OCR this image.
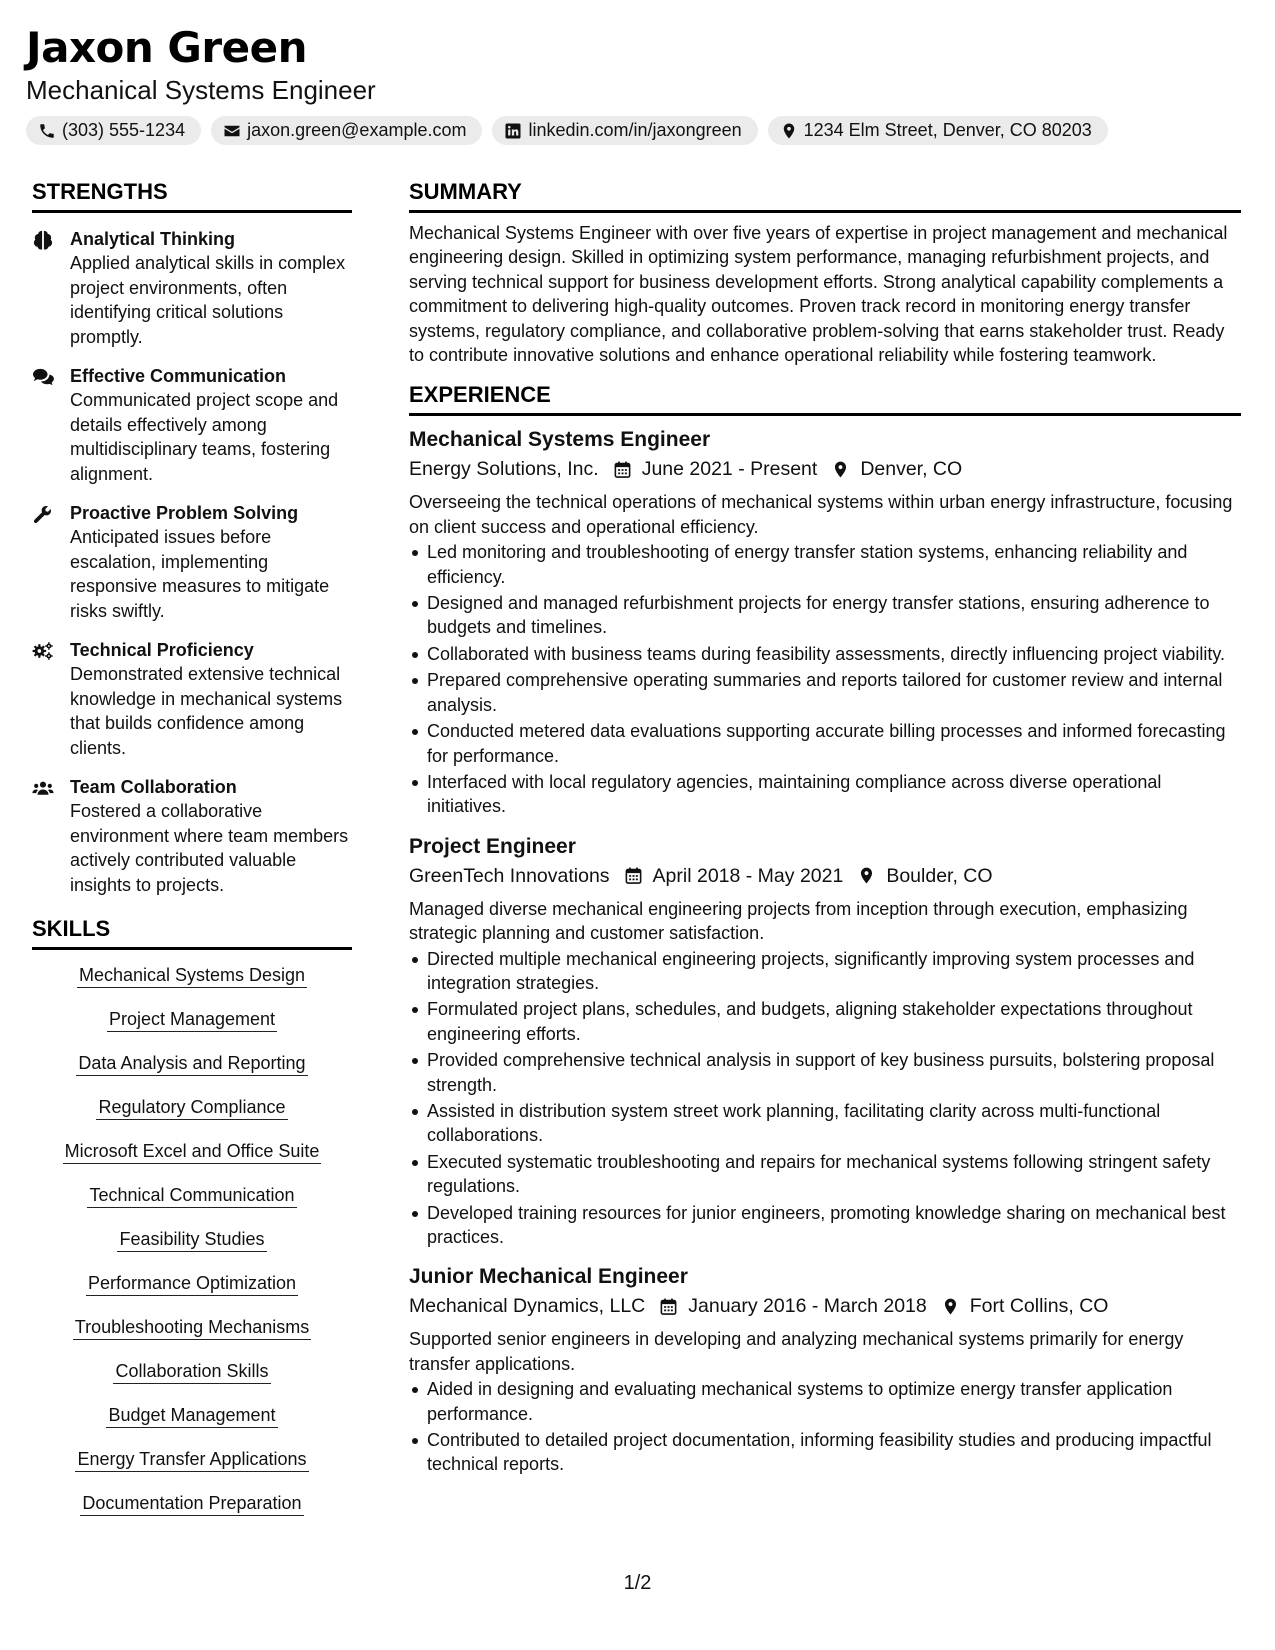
Jaxon Green
Mechanical Systems Engineer
(303) 555-1234	jaxon.green@example.com	linkedin.com/in/jaxongreen	1234 Elm Street, Denver, CO 80203
STRENGTHS
Analytical Thinking
Applied analytical skills in complex project environments, often identifying critical solutions promptly.
Effective Communication
Communicated project scope and details effectively among multidisciplinary teams, fostering alignment.
Proactive Problem Solving
Anticipated issues before escalation, implementing responsive measures to mitigate risks swiftly.
Technical Proficiency
Demonstrated extensive technical knowledge in mechanical systems that builds confidence among clients.
Team Collaboration
Fostered a collaborative environment where team members actively contributed valuable insights to projects.
SKILLS
Mechanical Systems Design
Project Management
Data Analysis and Reporting
Regulatory Compliance
Microsoft Excel and Office Suite
Technical Communication
Feasibility Studies
Performance Optimization
Troubleshooting Mechanisms
Collaboration Skills
Budget Management
Energy Transfer Applications
Documentation Preparation
SUMMARY
Mechanical Systems Engineer with over five years of expertise in project management and mechanical engineering design. Skilled in optimizing system performance, managing refurbishment projects, and serving technical support for business development efforts. Strong analytical capability complements a commitment to delivering high-quality outcomes. Proven track record in monitoring energy transfer systems, regulatory compliance, and collaborative problem-solving that earns stakeholder trust. Ready to contribute innovative solutions and enhance operational reliability while fostering teamwork.
EXPERIENCE
Mechanical Systems Engineer
Energy Solutions, Inc. June 2021 - Present Denver, CO
Overseeing the technical operations of mechanical systems within urban energy infrastructure, focusing on client success and operational efficiency.
Led monitoring and troubleshooting of energy transfer station systems, enhancing reliability and efficiency.
Designed and managed refurbishment projects for energy transfer stations, ensuring adherence to budgets and timelines.
Collaborated with business teams during feasibility assessments, directly influencing project viability.
Prepared comprehensive operating summaries and reports tailored for customer review and internal analysis.
Conducted metered data evaluations supporting accurate billing processes and informed forecasting for performance.
Interfaced with local regulatory agencies, maintaining compliance across diverse operational initiatives.
Project Engineer
GreenTech Innovations April 2018 - May 2021 Boulder, CO
Managed diverse mechanical engineering projects from inception through execution, emphasizing strategic planning and customer satisfaction.
Directed multiple mechanical engineering projects, significantly improving system processes and integration strategies.
Formulated project plans, schedules, and budgets, aligning stakeholder expectations throughout engineering efforts.
Provided comprehensive technical analysis in support of key business pursuits, bolstering proposal strength.
Assisted in distribution system street work planning, facilitating clarity across multi-functional collaborations.
Executed systematic troubleshooting and repairs for mechanical systems following stringent safety regulations.
Developed training resources for junior engineers, promoting knowledge sharing on mechanical best practices.
Junior Mechanical Engineer
Mechanical Dynamics, LLC January 2016 - March 2018 Fort Collins, CO
Supported senior engineers in developing and analyzing mechanical systems primarily for energy transfer applications.
Aided in designing and evaluating mechanical systems to optimize energy transfer application performance.
Contributed to detailed project documentation, informing feasibility studies and producing impactful technical reports.
1/2
